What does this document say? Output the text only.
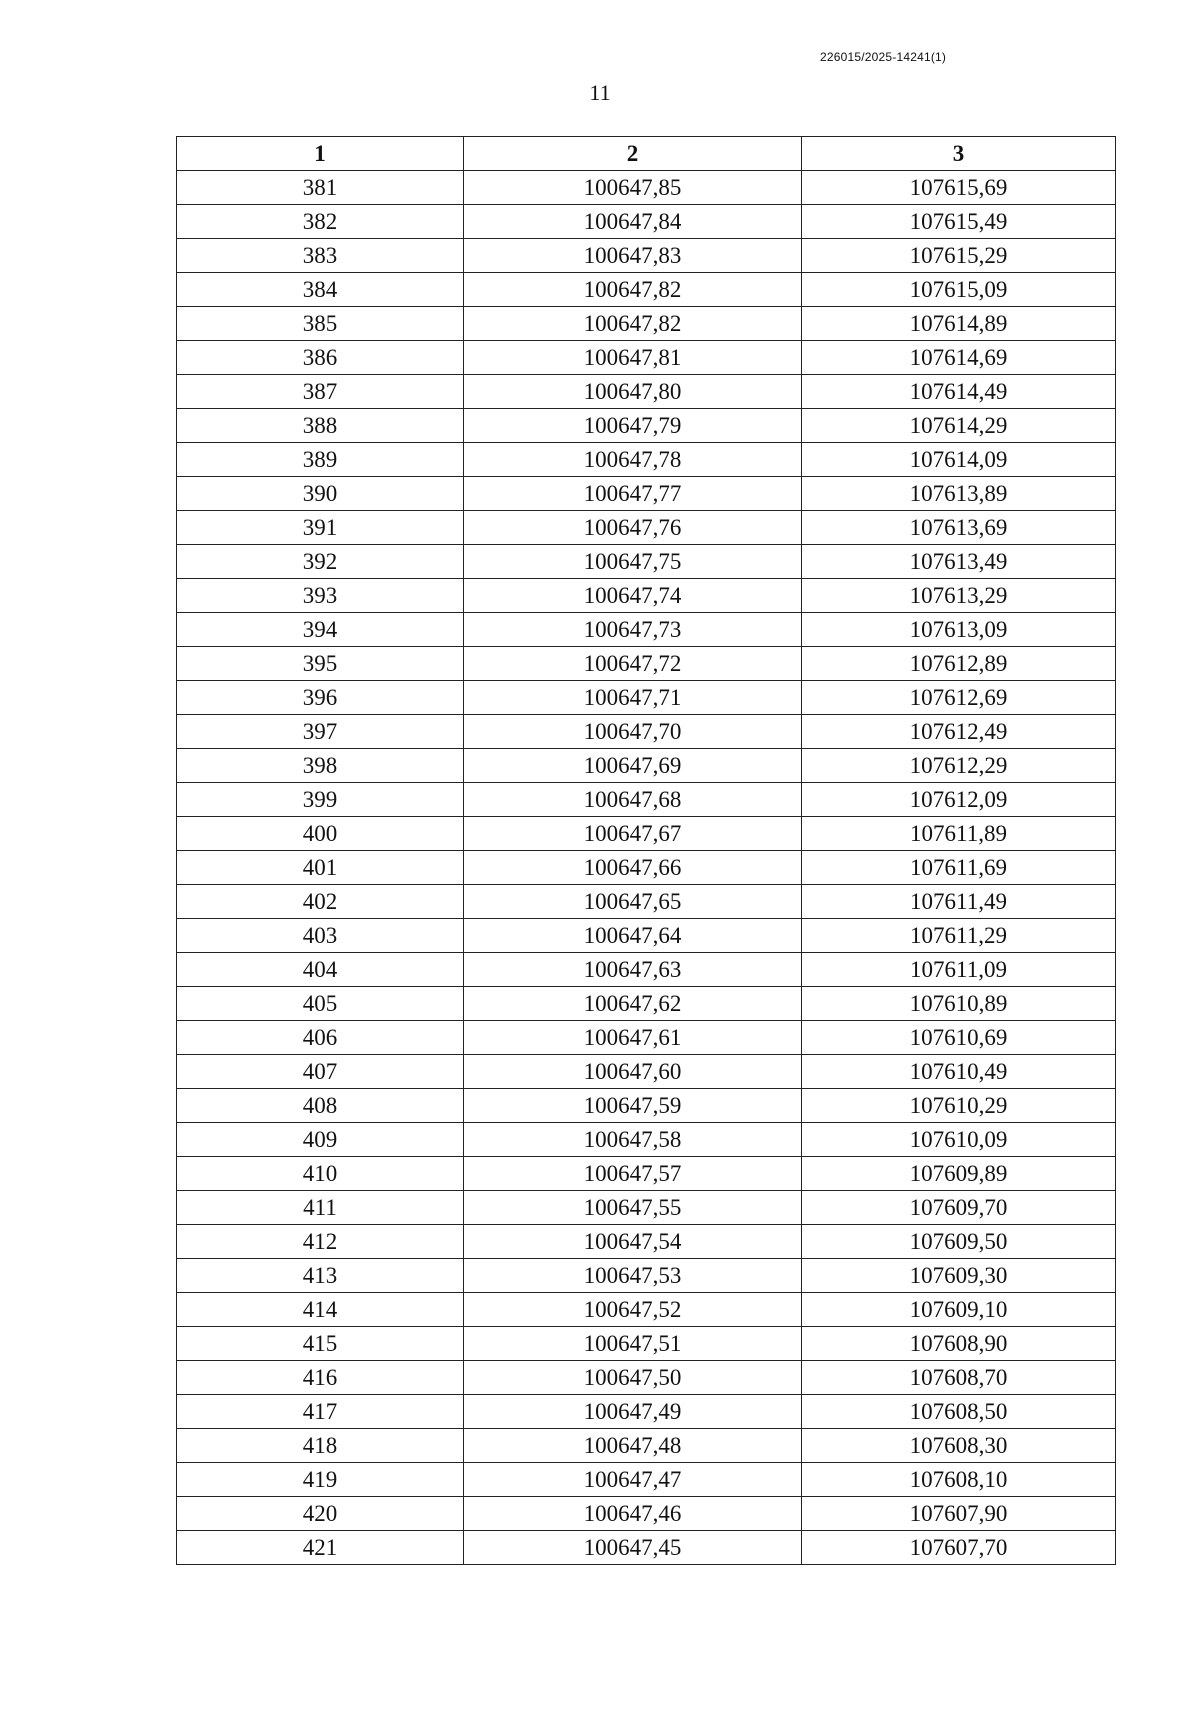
226015/2025-14241(1)
11
1	2	3
381	100647,85	107615,69
382	100647,84	107615,49
383	100647,83	107615,29
384	100647,82	107615,09
385	100647,82	107614,89
386	100647,81	107614,69
387	100647,80	107614,49
388	100647,79	107614,29
389	100647,78	107614,09
390	100647,77	107613,89
391	100647,76	107613,69
392	100647,75	107613,49
393	100647,74	107613,29
394	100647,73	107613,09
395	100647,72	107612,89
396	100647,71	107612,69
397	100647,70	107612,49
398	100647,69	107612,29
399	100647,68	107612,09
400	100647,67	107611,89
401	100647,66	107611,69
402	100647,65	107611,49
403	100647,64	107611,29
404	100647,63	107611,09
405	100647,62	107610,89
406	100647,61	107610,69
407	100647,60	107610,49
408	100647,59	107610,29
409	100647,58	107610,09
410	100647,57	107609,89
411	100647,55	107609,70
412	100647,54	107609,50
413	100647,53	107609,30
414	100647,52	107609,10
415	100647,51	107608,90
416	100647,50	107608,70
417	100647,49	107608,50
418	100647,48	107608,30
419	100647,47	107608,10
420	100647,46	107607,90
421	100647,45	107607,70
